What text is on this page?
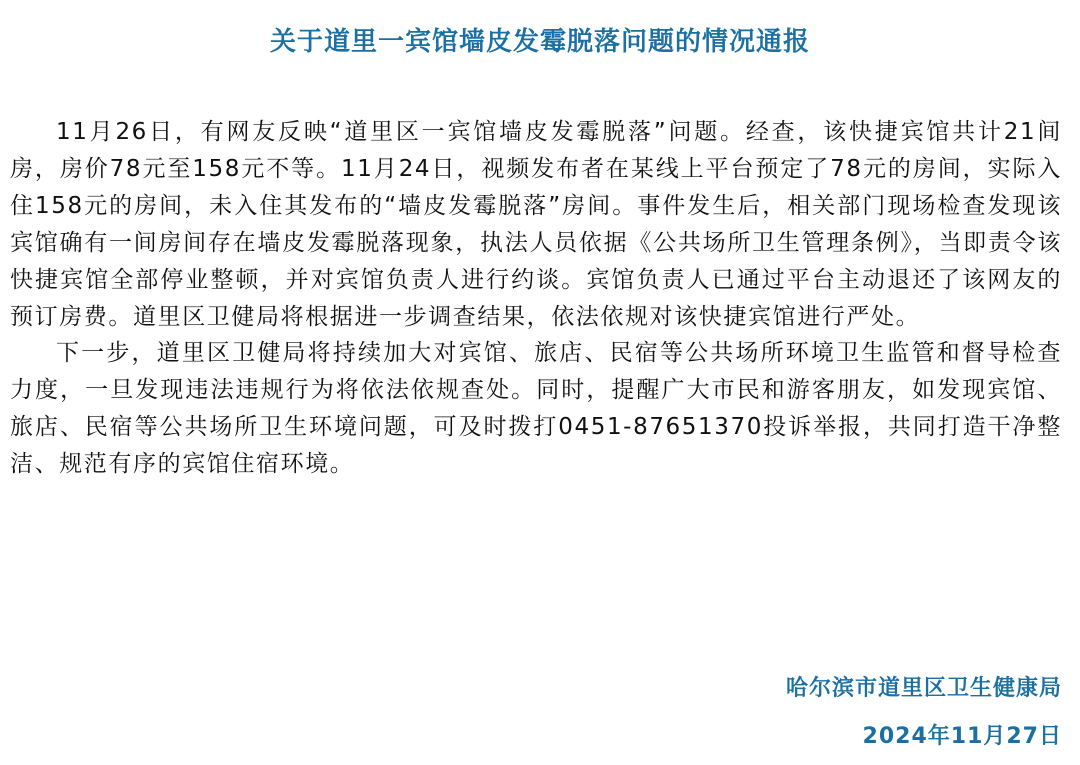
关于道里一宾馆墙皮发霉脱落问题的情况通报

11月26日，有网友反映“道里区一宾馆墙皮发霉脱落”问题。经查，该快捷宾馆共计21间房，房价78元至158元不等。11月24日，视频发布者在某线上平台预定了78元的房间，实际入住158元的房间，未入住其发布的“墙皮发霉脱落”房间。事件发生后，相关部门现场检查发现该宾馆确有一间房间存在墙皮发霉脱落现象，执法人员依据《公共场所卫生管理条例》，当即责令该快捷宾馆全部停业整顿，并对宾馆负责人进行约谈。宾馆负责人已通过平台主动退还了该网友的预订房费。道里区卫健局将根据进一步调查结果，依法依规对该快捷宾馆进行严处。

下一步，道里区卫健局将持续加大对宾馆、旅店、民宿等公共场所环境卫生监管和督导检查力度，一旦发现违法违规行为将依法依规查处。同时，提醒广大市民和游客朋友，如发现宾馆、旅店、民宿等公共场所卫生环境问题，可及时拨打0451-87651370投诉举报，共同打造干净整洁、规范有序的宾馆住宿环境。

哈尔滨市道里区卫生健康局
2024年11月27日
